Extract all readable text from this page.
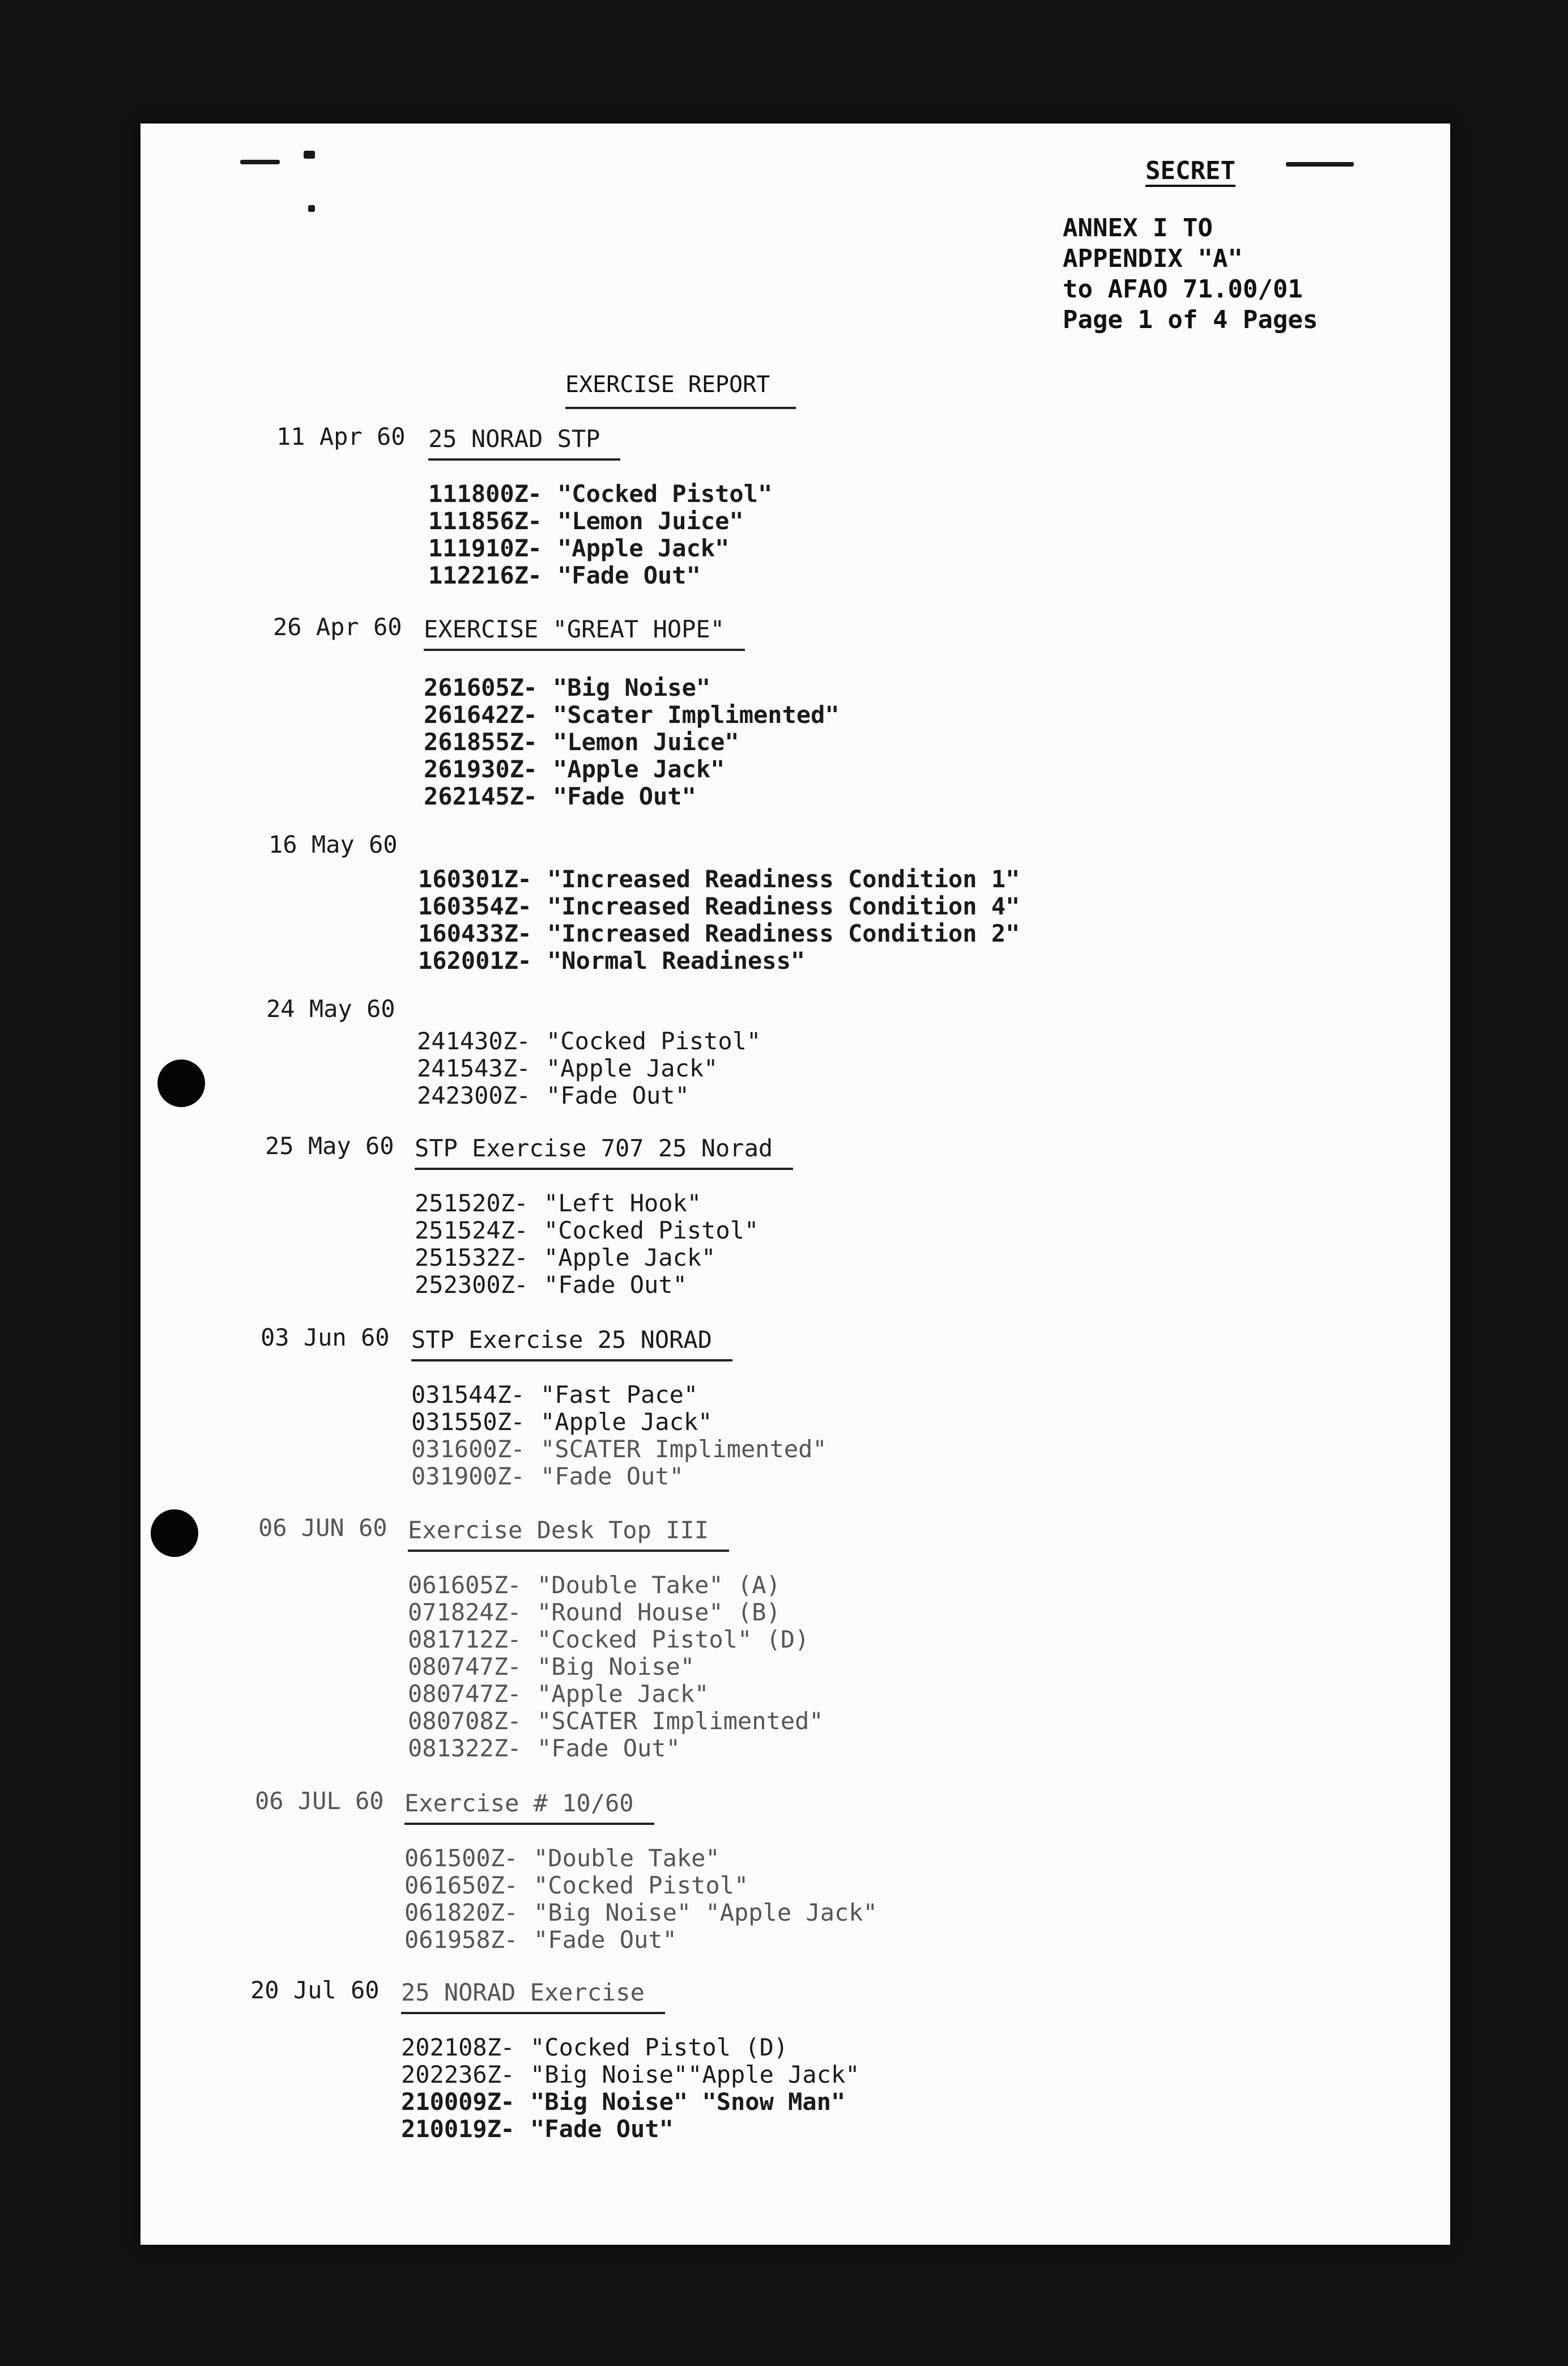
SECRET
ANNEX I TO
APPENDIX "A"
to AFAO 71.00/01
Page 1 of 4 Pages
EXERCISE REPORT
11 Apr 60 25 NORAD STP
111800Z- "Cocked Pistol"
111856Z- "Lemon Juice"
111910Z- "Apple Jack"
112216Z- "Fade Out"
26 Apr 60 EXERCISE "GREAT HOPE"
261605Z- "Big Noise"
261642Z- "Scater Implimented"
261855Z- "Lemon Juice"
261930Z- "Apple Jack"
262145Z- "Fade Out"
16 May 60
160301Z- "Increased Readiness Condition 1"
160354Z- "Increased Readiness Condition 4"
160433Z- "Increased Readiness Condition 2"
162001Z- "Normal Readiness"
24 May 60
241430Z- "Cocked Pistol"
241543Z- "Apple Jack"
242300Z- "Fade Out"
25 May 60 STP Exercise 707 25 Norad
251520Z- "Left Hook"
251524Z- "Cocked Pistol"
251532Z- "Apple Jack"
252300Z- "Fade Out"
03 Jun 60 STP Exercise 25 NORAD
031544Z- "Fast Pace"
031550Z- "Apple Jack"
031600Z- "SCATER Implimented"
031900Z- "Fade Out"
06 JUN 60 Exercise Desk Top III
061605Z- "Double Take" (A)
071824Z- "Round House" (B)
081712Z- "Cocked Pistol" (D)
080747Z- "Big Noise"
080747Z- "Apple Jack"
080708Z- "SCATER Implimented"
081322Z- "Fade Out"
06 JUL 60 Exercise # 10/60
061500Z- "Double Take"
061650Z- "Cocked Pistol"
061820Z- "Big Noise" "Apple Jack"
061958Z- "Fade Out"
20 Jul 60 25 NORAD Exercise
202108Z- "Cocked Pistol (D)
202236Z- "Big Noise""Apple Jack"
210009Z- "Big Noise" "Snow Man"
210019Z- "Fade Out"
